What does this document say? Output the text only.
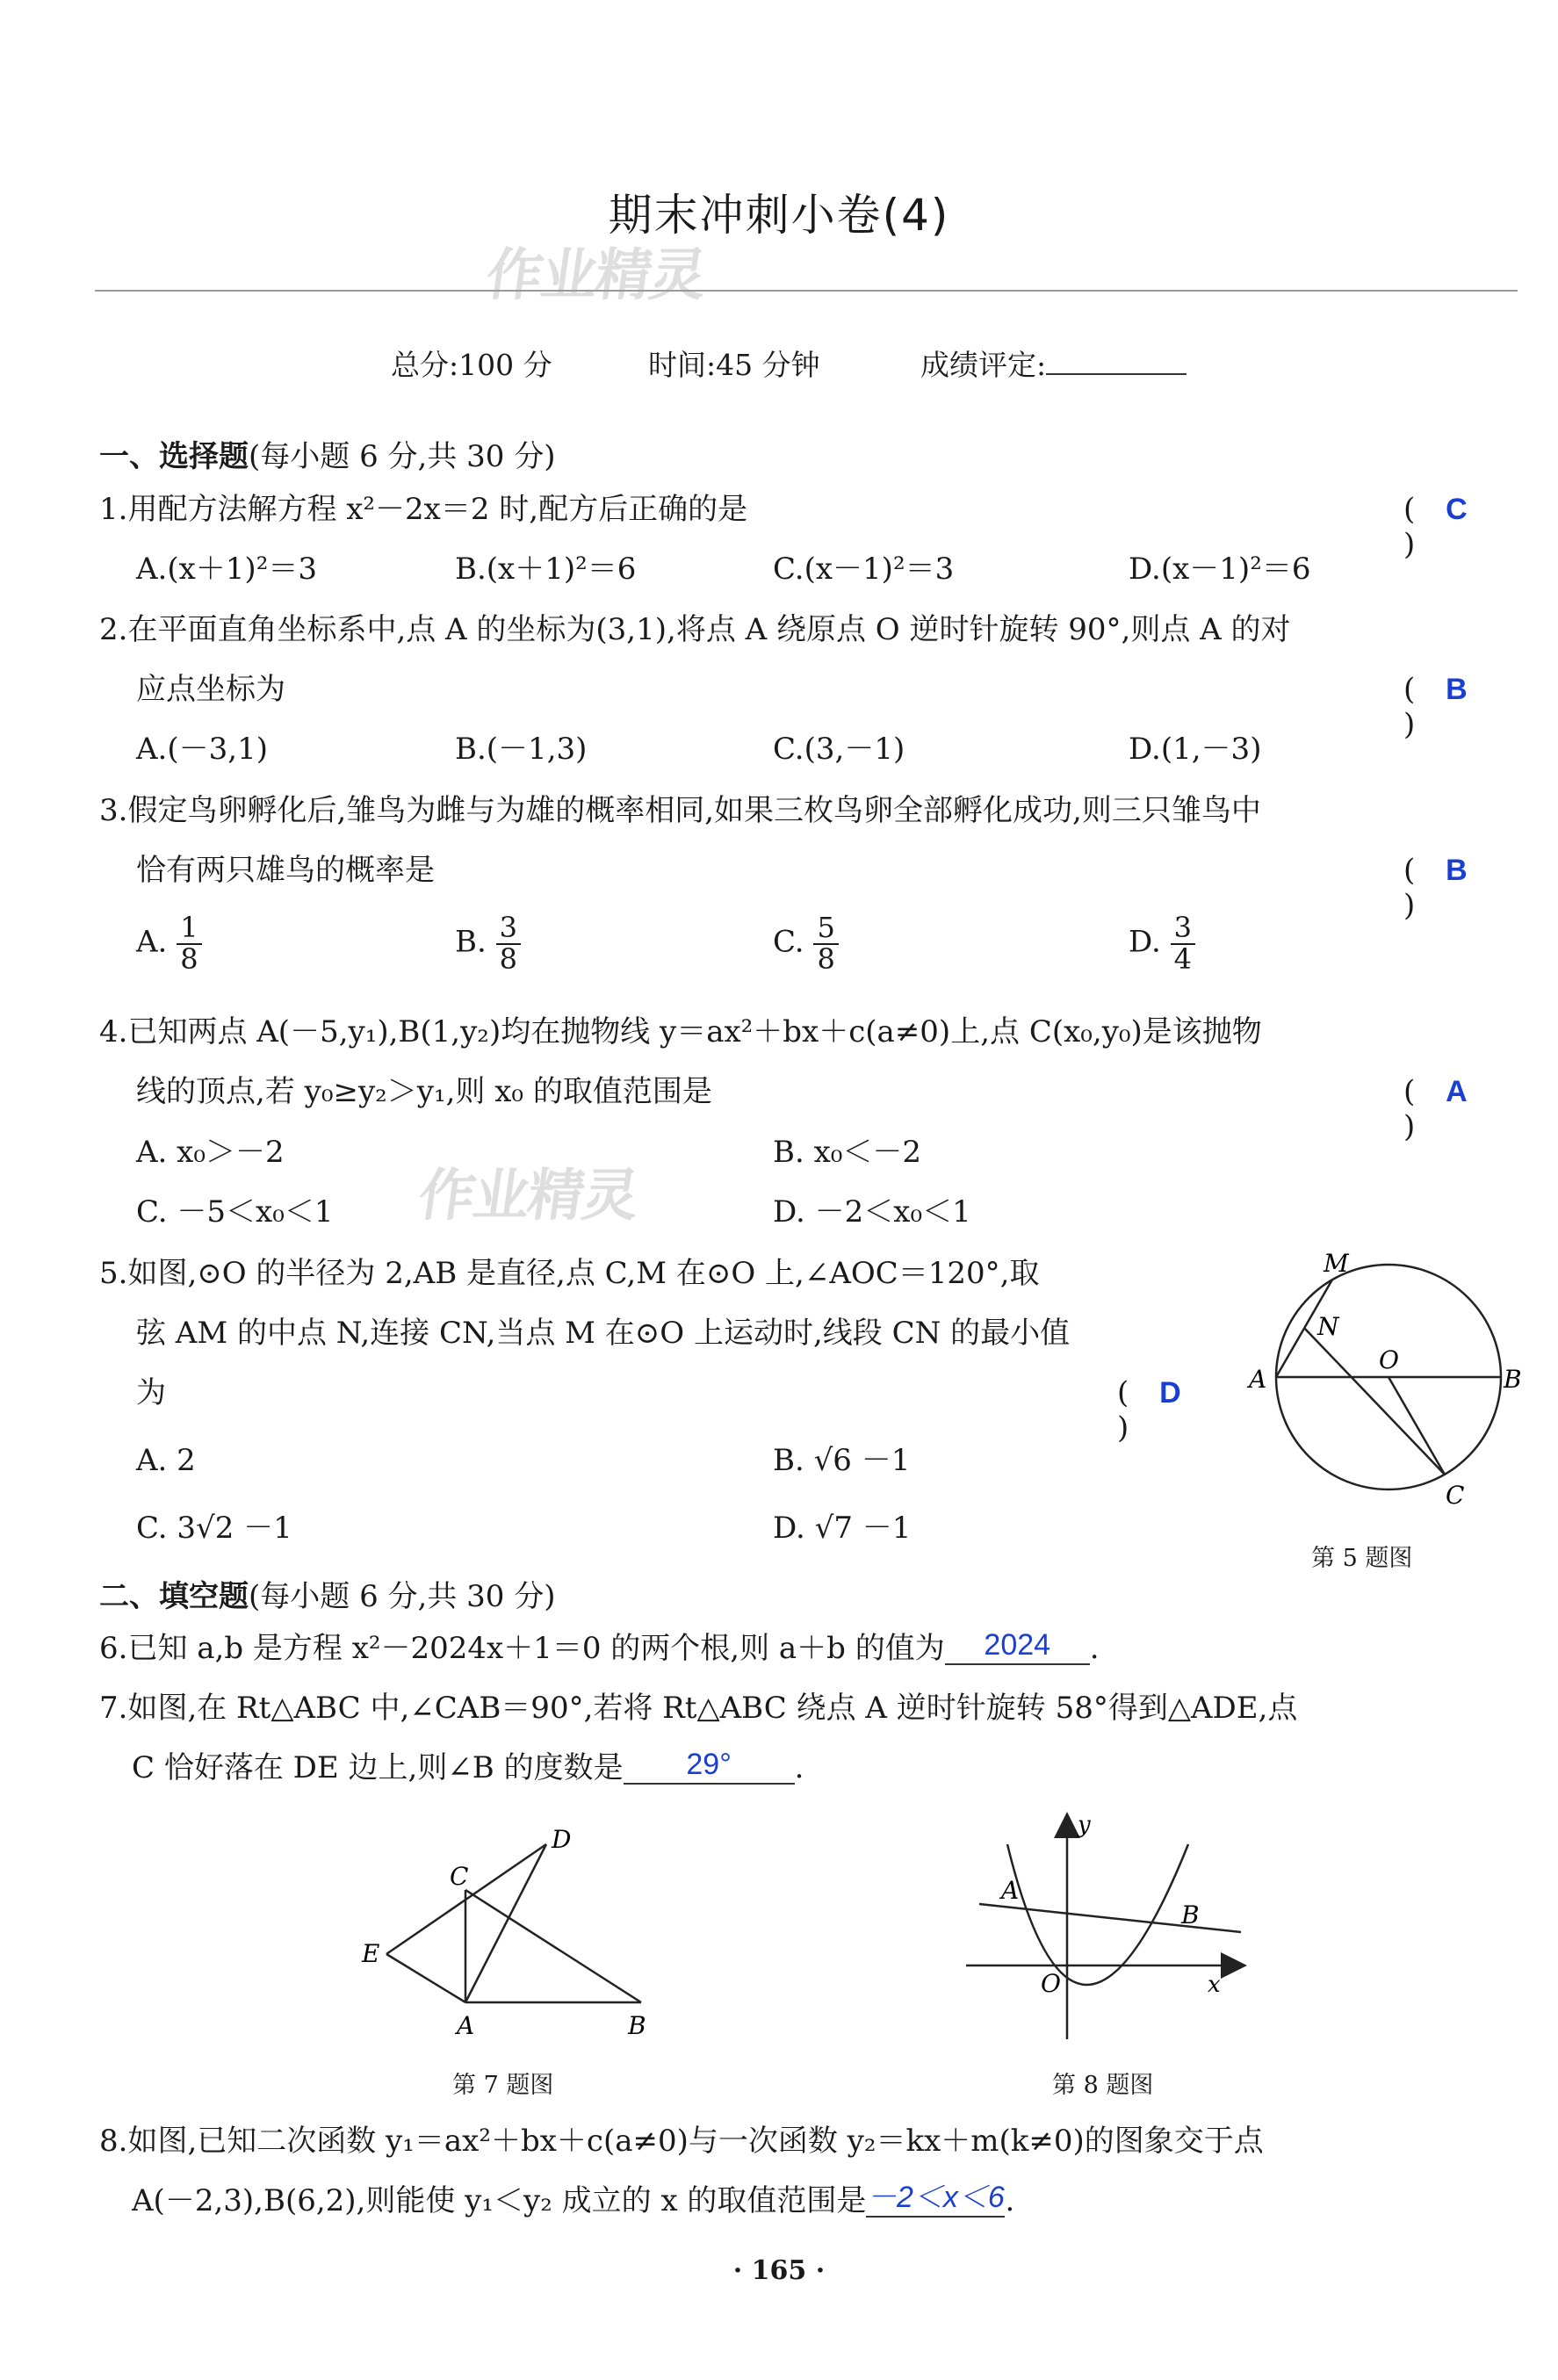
期末冲刺小卷(4)
作业精灵
总分:100 分	时间:45 分钟	成绩评定:
一、选择题(每小题 6 分,共 30 分)
1.用配方法解方程 x²－2x＝2 时,配方后正确的是	( C )
A.(x＋1)²＝3	B.(x＋1)²＝6	C.(x－1)²＝3	D.(x－1)²＝6
2.在平面直角坐标系中,点 A 的坐标为(3,1),将点 A 绕原点 O 逆时针旋转 90°,则点 A 的对
应点坐标为	( B )
A.(－3,1)	B.(－1,3)	C.(3,－1)	D.(1,－3)
3.假定鸟卵孵化后,雏鸟为雌与为雄的概率相同,如果三枚鸟卵全部孵化成功,则三只雏鸟中
恰有两只雄鸟的概率是	( B )
A. $\frac{1}{8}$	B. $\frac{3}{8}$	C. $\frac{5}{8}$	D. $\frac{3}{4}$
4.已知两点 A(－5,y₁),B(1,y₂)均在抛物线 y＝ax²＋bx＋c(a≠0)上,点 C(x₀,y₀)是该抛物
线的顶点,若 y₀≥y₂＞y₁,则 x₀ 的取值范围是	( A )
A. x₀＞－2	B. x₀＜－2
C. －5＜x₀＜1	D. －2＜x₀＜1
作业精灵
5.如图,⊙O 的半径为 2,AB 是直径,点 C,M 在⊙O 上,∠AOC＝120°,取
弦 AM 的中点 N,连接 CN,当点 M 在⊙O 上运动时,线段 CN 的最小值
为	( D )
A. 2	B. √6 －1
C. 3√2 －1	D. √7 －1
M
N
O
A	B
C
第 5 题图
二、填空题(每小题 6 分,共 30 分)
6.已知 a,b 是方程 x²－2024x＋1＝0 的两个根,则 a＋b 的值为 2024 .
7.如图,在 Rt△ABC 中,∠CAB＝90°,若将 Rt△ABC 绕点 A 逆时针旋转 58°得到△ADE,点
C 恰好落在 DE 边上,则∠B 的度数是 29° .
D
C
E
A	B
第 7 题图
y
A
B
O	x
第 8 题图
8.如图,已知二次函数 y₁＝ax²＋bx＋c(a≠0)与一次函数 y₂＝kx＋m(k≠0)的图象交于点
A(－2,3),B(6,2),则能使 y₁＜y₂ 成立的 x 的取值范围是－2＜x＜6.
· 165 ·
